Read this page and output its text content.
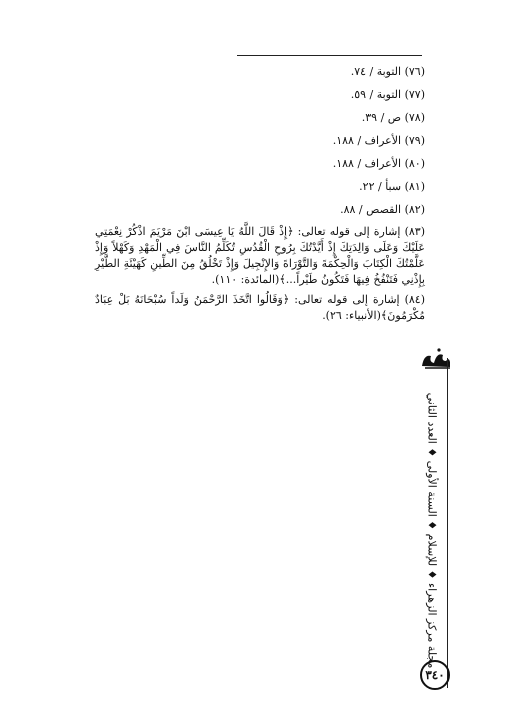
(٧٦) التوبة / ٧٤.
(٧٧) التوبة / ٥٩.
(٧٨) ص / ٣٩.
(٧٩) الأعراف / ١٨٨.
(٨٠) الأعراف / ١٨٨.
(٨١) سبأ / ٢٢.
(٨٢) القصص / ٨٨.
(٨٣) إشارة إلى قوله تعالى: ﴿إِذْ قَالَ اللَّهُ يَا عِيسَى ابْنَ مَرْيَمَ اذْكُرْ نِعْمَتِي عَلَيْكَ وَعَلَى وَالِدَتِكَ إِذْ أَيَّدْتُكَ بِرُوحِ الْقُدُسِ تُكَلِّمُ النَّاسَ فِي الْمَهْدِ وَكَهْلاً وَإِذْ عَلَّمْتُكَ الْكِتَابَ وَالْحِكْمَةَ وَالتَّوْرَاةَ وَالإِنْجِيلَ وَإِذْ تَخْلُقُ مِنَ الطِّينِ كَهَيْئَةِ الطَّيْرِ بِإِذْنِي فَتَنْفُخُ فِيهَا فَتَكُونُ طَيْراً...﴾(المائدة: ١١٠).
(٨٤) إشارة إلى قوله تعالى: ﴿وَقَالُوا اتَّخَذَ الرَّحْمَنُ وَلَداً سُبْحَانَهُ بَلْ عِبَادٌ مُكْرَمُونَ﴾(الأنبياء: ٢٦).
مجلة مركز الزهراء ♦ للإسلام ♦ السنة الأولى ♦ العدد الثاني
٣٤٠
